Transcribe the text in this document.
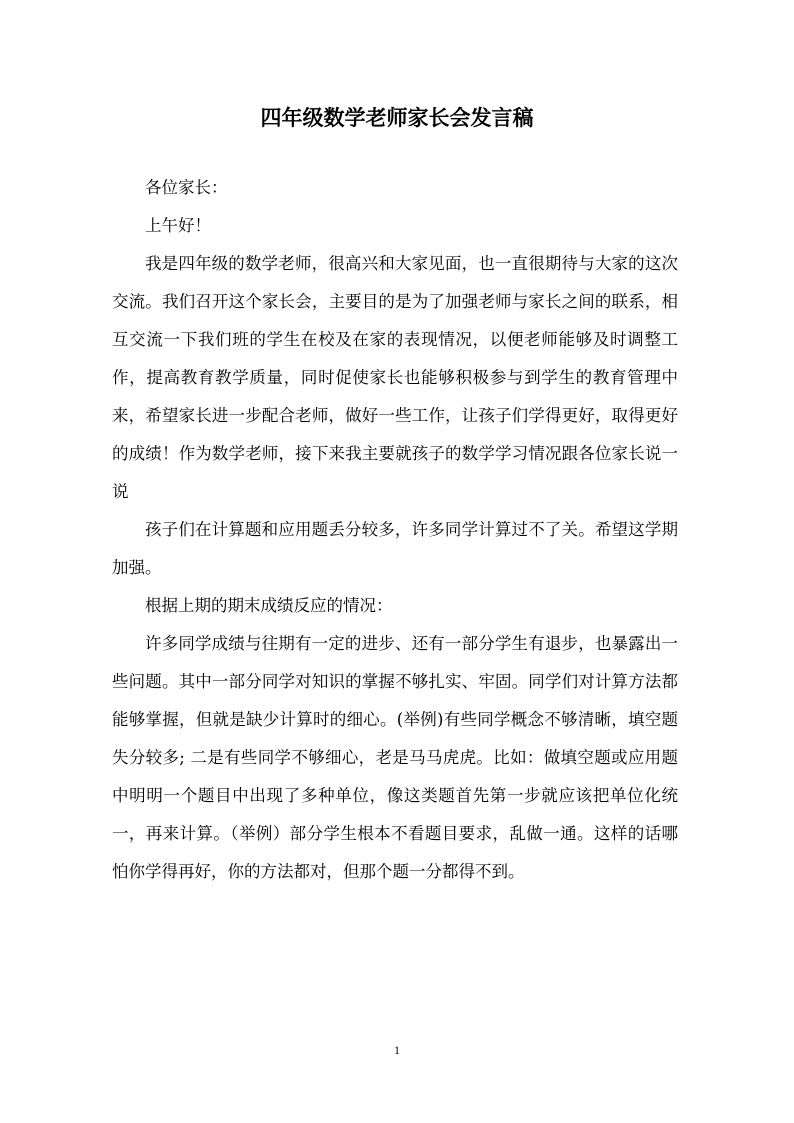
四年级数学老师家长会发言稿

各位家长：

上午好！

我是四年级的数学老师，很高兴和大家见面，也一直很期待与大家的这次交流。我们召开这个家长会，主要目的是为了加强老师与家长之间的联系，相互交流一下我们班的学生在校及在家的表现情况，以便老师能够及时调整工作，提高教育教学质量，同时促使家长也能够积极参与到学生的教育管理中来，希望家长进一步配合老师，做好一些工作，让孩子们学得更好，取得更好的成绩！作为数学老师，接下来我主要就孩子的数学学习情况跟各位家长说一说

孩子们在计算题和应用题丢分较多，许多同学计算过不了关。希望这学期加强。

根据上期的期末成绩反应的情况：

许多同学成绩与往期有一定的进步、还有一部分学生有退步，也暴露出一些问题。其中一部分同学对知识的掌握不够扎实、牢固。同学们对计算方法都能够掌握，但就是缺少计算时的细心。(举例)有些同学概念不够清晰，填空题失分较多; 二是有些同学不够细心，老是马马虎虎。比如：做填空题或应用题中明明一个题目中出现了多种单位，像这类题首先第一步就应该把单位化统一，再来计算。（举例）部分学生根本不看题目要求，乱做一通。这样的话哪怕你学得再好，你的方法都对，但那个题一分都得不到。

1
